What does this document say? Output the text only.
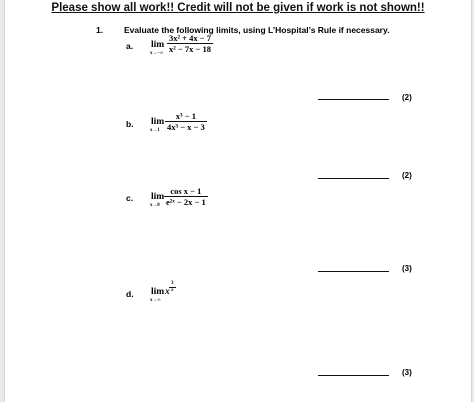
Please show all work!! Credit will not be given if work is not shown!!
1. Evaluate the following limits, using L’Hospital’s Rule if necessary.
a. lim
x→−∞
3x² + 4x − 7
x² − 7x − 18
(2)
b. lim
x→1
x³ − 1
4x³ − x − 3
(2)
c. lim
x→0
cos x − 1
e²ˣ − 2x − 1
(3)
d. lim
x→∞
x
3
x
(3)
